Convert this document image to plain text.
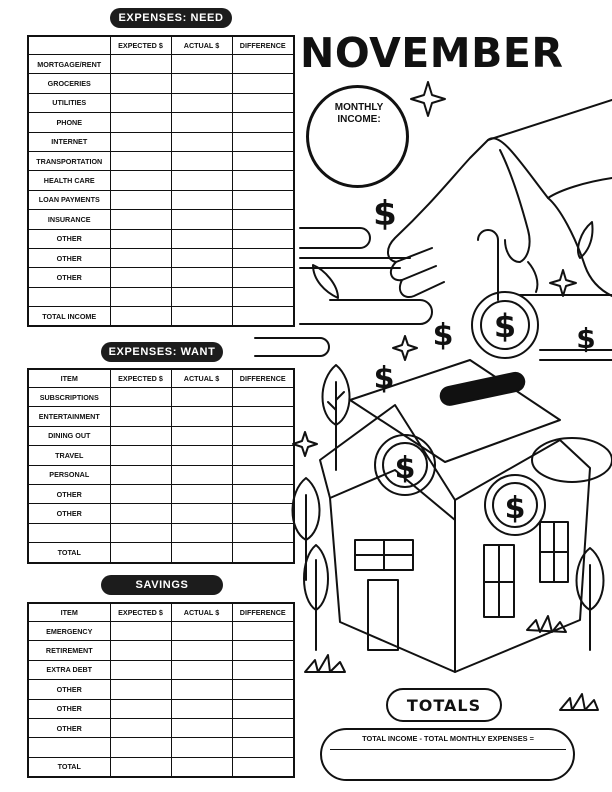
$
$
$
$
$
$
$
NOVEMBER
MONTHLY
INCOME:
EXPENSES: NEED
EXPENSES: WANT
SAVINGS
	EXPECTED $	ACTUAL $	DIFFERENCE
MORTGAGE/RENT			
GROCERIES			
UTILITIES			
PHONE			
INTERNET			
TRANSPORTATION			
HEALTH CARE			
LOAN PAYMENTS			
INSURANCE			
OTHER			
OTHER			
OTHER			

TOTAL INCOME			
ITEM	EXPECTED $	ACTUAL $	DIFFERENCE
SUBSCRIPTIONS			
ENTERTAINMENT			
DINING OUT			
TRAVEL			
PERSONAL			
OTHER			
OTHER			

TOTAL			
ITEM	EXPECTED $	ACTUAL $	DIFFERENCE
EMERGENCY			
RETIREMENT			
EXTRA DEBT			
OTHER			
OTHER			
OTHER			

TOTAL			
TOTALS
TOTAL INCOME - TOTAL MONTHLY EXPENSES =
